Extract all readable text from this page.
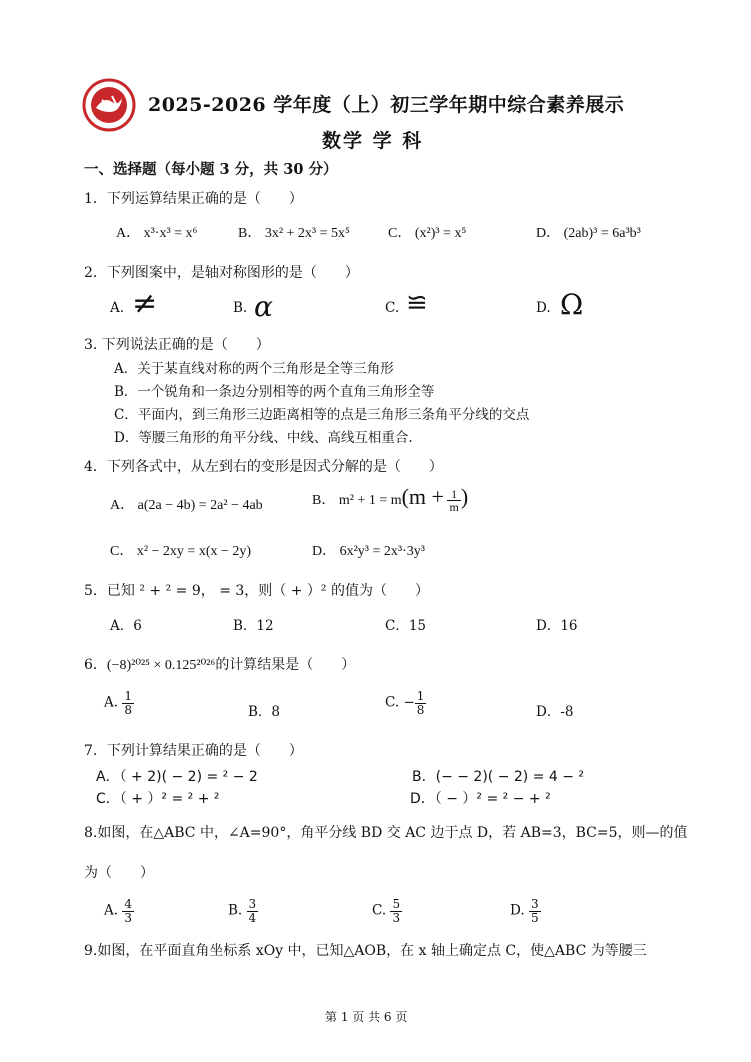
2025-2026 学年度（上）初三学年期中综合素养展示
数学 学 科
一、选择题（每小题 3 分，共 30 分）
1．下列运算结果正确的是（　　）
A． x³·x³ = x⁶	B． 3x² + 2x³ = 5x⁵	C． (x²)³ = x⁵	D． (2ab)³ = 6a³b³
2．下列图案中，是轴对称图形的是（　　）
A. ≠	B. α	C. ≌	D. Ω
3. 下列说法正确的是（　　）
A．关于某直线对称的两个三角形是全等三角形
B．一个锐角和一条边分别相等的两个直角三角形全等
C．平面内，到三角形三边距离相等的点是三角形三条角平分线的交点
D．等腰三角形的角平分线、中线、高线互相重合.
4．下列各式中，从左到右的变形是因式分解的是（　　）
A． a(2a − 4b) = 2a² − 4ab	B． $m^2 + 1 = m(m + \frac{1}{m}$ )
C． x² − 2xy = x(x − 2y)	D． 6x²y³ = 2x³·3y³
5．已知 ² + ² = 9， = 3，则（ + ）² 的值为（　　）
A．6	B．12	C．15	D．16
6．(−8)²⁰²⁵ × 0.125²⁰²⁶的计算结果是（　　）
A. $\frac{1}{8}$	B．8
C. − $\frac{1}{8}$	D．-8
7．下列计算结果正确的是（　　）
A．（ + 2)( − 2) = ² − 2	B．(− − 2)( − 2) = 4 − ²
C．（ + ）² = ² + ²	D．（ − ）² = ² − + ²
8.如图，在△ABC 中，∠A=90°，角平分线 BD 交 AC 边于点 D，若 AB=3，BC=5，则—的值
为（　　）
A. $\frac{4}{3}$	B. $\frac{3}{4}$	C. $\frac{5}{3}$	D. $\frac{3}{5}$
9.如图，在平面直角坐标系 xOy 中，已知△AOB，在 x 轴上确定点 C，使△ABC 为等腰三
第 1 页 共 6 页
